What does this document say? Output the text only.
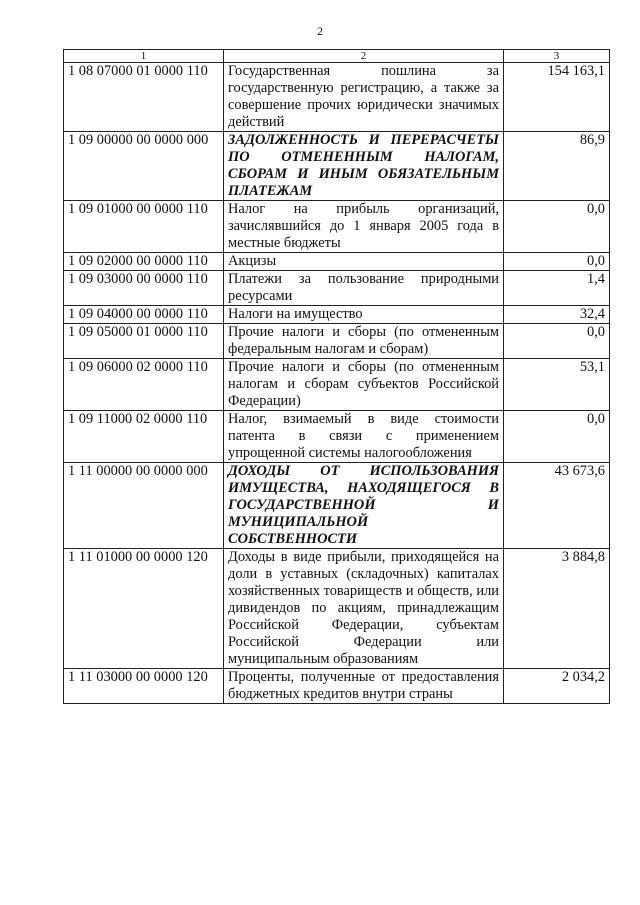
2
1	2	3
1 08 07000 01 0000 110	Государственная пошлина за государственную регистрацию, а также за совершение прочих юридически значимых действий	154 163,1
1 09 00000 00 0000 000	ЗАДОЛЖЕННОСТЬ И ПЕРЕРАСЧЕТЫ ПО ОТМЕНЕННЫМ НАЛОГАМ, СБОРАМ И ИНЫМ ОБЯЗАТЕЛЬНЫМ ПЛАТЕЖАМ	86,9
1 09 01000 00 0000 110	Налог на прибыль организаций, зачислявшийся до 1 января 2005 года в местные бюджеты	0,0
1 09 02000 00 0000 110	Акцизы	0,0
1 09 03000 00 0000 110	Платежи за пользование природными ресурсами	1,4
1 09 04000 00 0000 110	Налоги на имущество	32,4
1 09 05000 01 0000 110	Прочие налоги и сборы (по отмененным федеральным налогам и сборам)	0,0
1 09 06000 02 0000 110	Прочие налоги и сборы (по отмененным налогам и сборам субъектов Российской Федерации)	53,1
1 09 11000 02 0000 110	Налог, взимаемый в виде стоимости патента в связи с применением упрощенной системы налогообложения	0,0
1 11 00000 00 0000 000	ДОХОДЫ ОТ ИСПОЛЬЗОВАНИЯ ИМУЩЕСТВА, НАХОДЯЩЕГОСЯ В ГОСУДАРСТВЕННОЙ И МУНИЦИПАЛЬНОЙ СОБСТВЕННОСТИ	43 673,6
1 11 01000 00 0000 120	Доходы в виде прибыли, приходящейся на доли в уставных (складочных) капиталах хозяйственных товариществ и обществ, или дивидендов по акциям, принадлежащим Российской Федерации, субъектам Российской Федерации или муниципальным образованиям	3 884,8
1 11 03000 00 0000 120	Проценты, полученные от предоставления бюджетных кредитов внутри страны	2 034,2
